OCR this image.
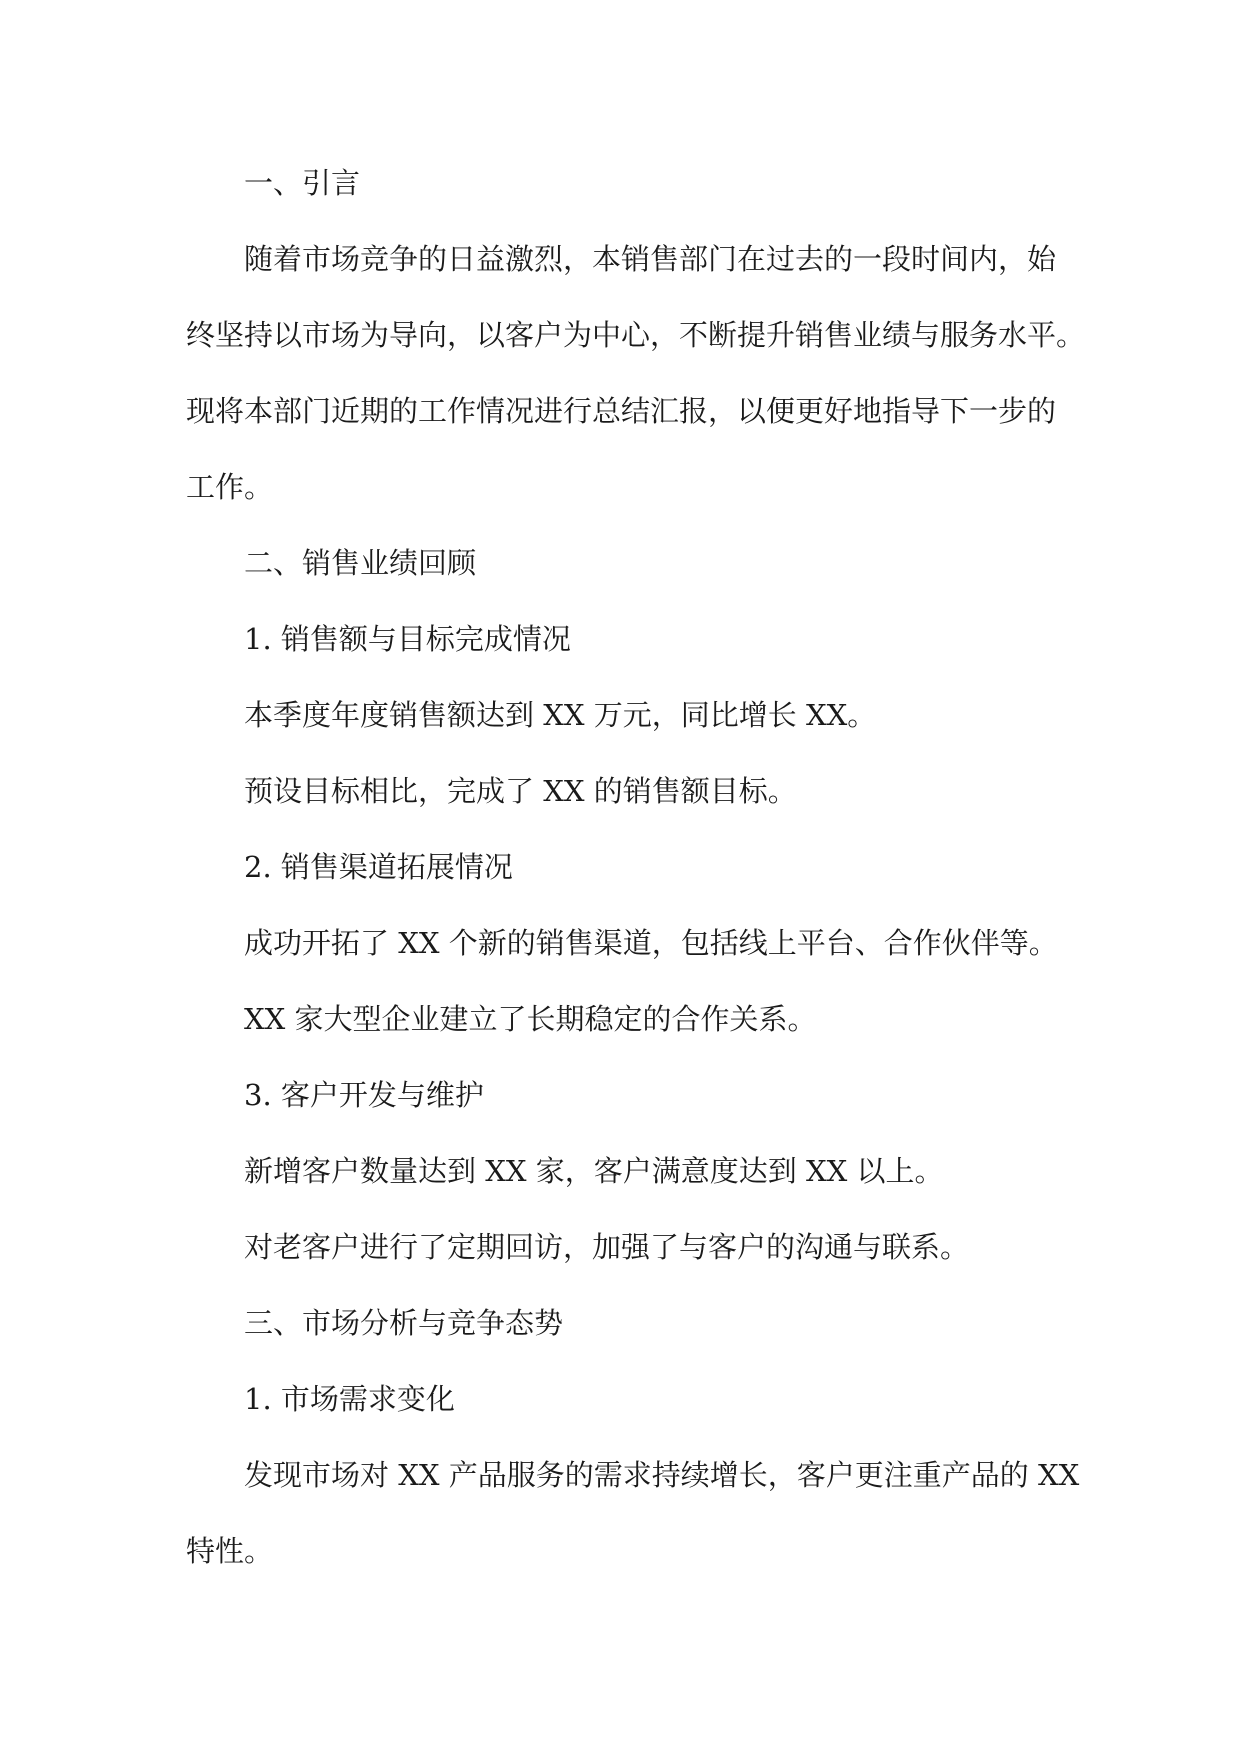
一、引言

随着市场竞争的日益激烈，本销售部门在过去的一段时间内，始

终坚持以市场为导向，以客户为中心，不断提升销售业绩与服务水平。

现将本部门近期的工作情况进行总结汇报，以便更好地指导下一步的

工作。

二、销售业绩回顾

1. 销售额与目标完成情况

本季度年度销售额达到 XX 万元，同比增长 XX。

预设目标相比，完成了 XX 的销售额目标。

2. 销售渠道拓展情况

成功开拓了 XX 个新的销售渠道，包括线上平台、合作伙伴等。

XX 家大型企业建立了长期稳定的合作关系。

3. 客户开发与维护

新增客户数量达到 XX 家，客户满意度达到 XX 以上。

对老客户进行了定期回访，加强了与客户的沟通与联系。

三、市场分析与竞争态势

1. 市场需求变化

发现市场对 XX 产品服务的需求持续增长，客户更注重产品的 XX

特性。
